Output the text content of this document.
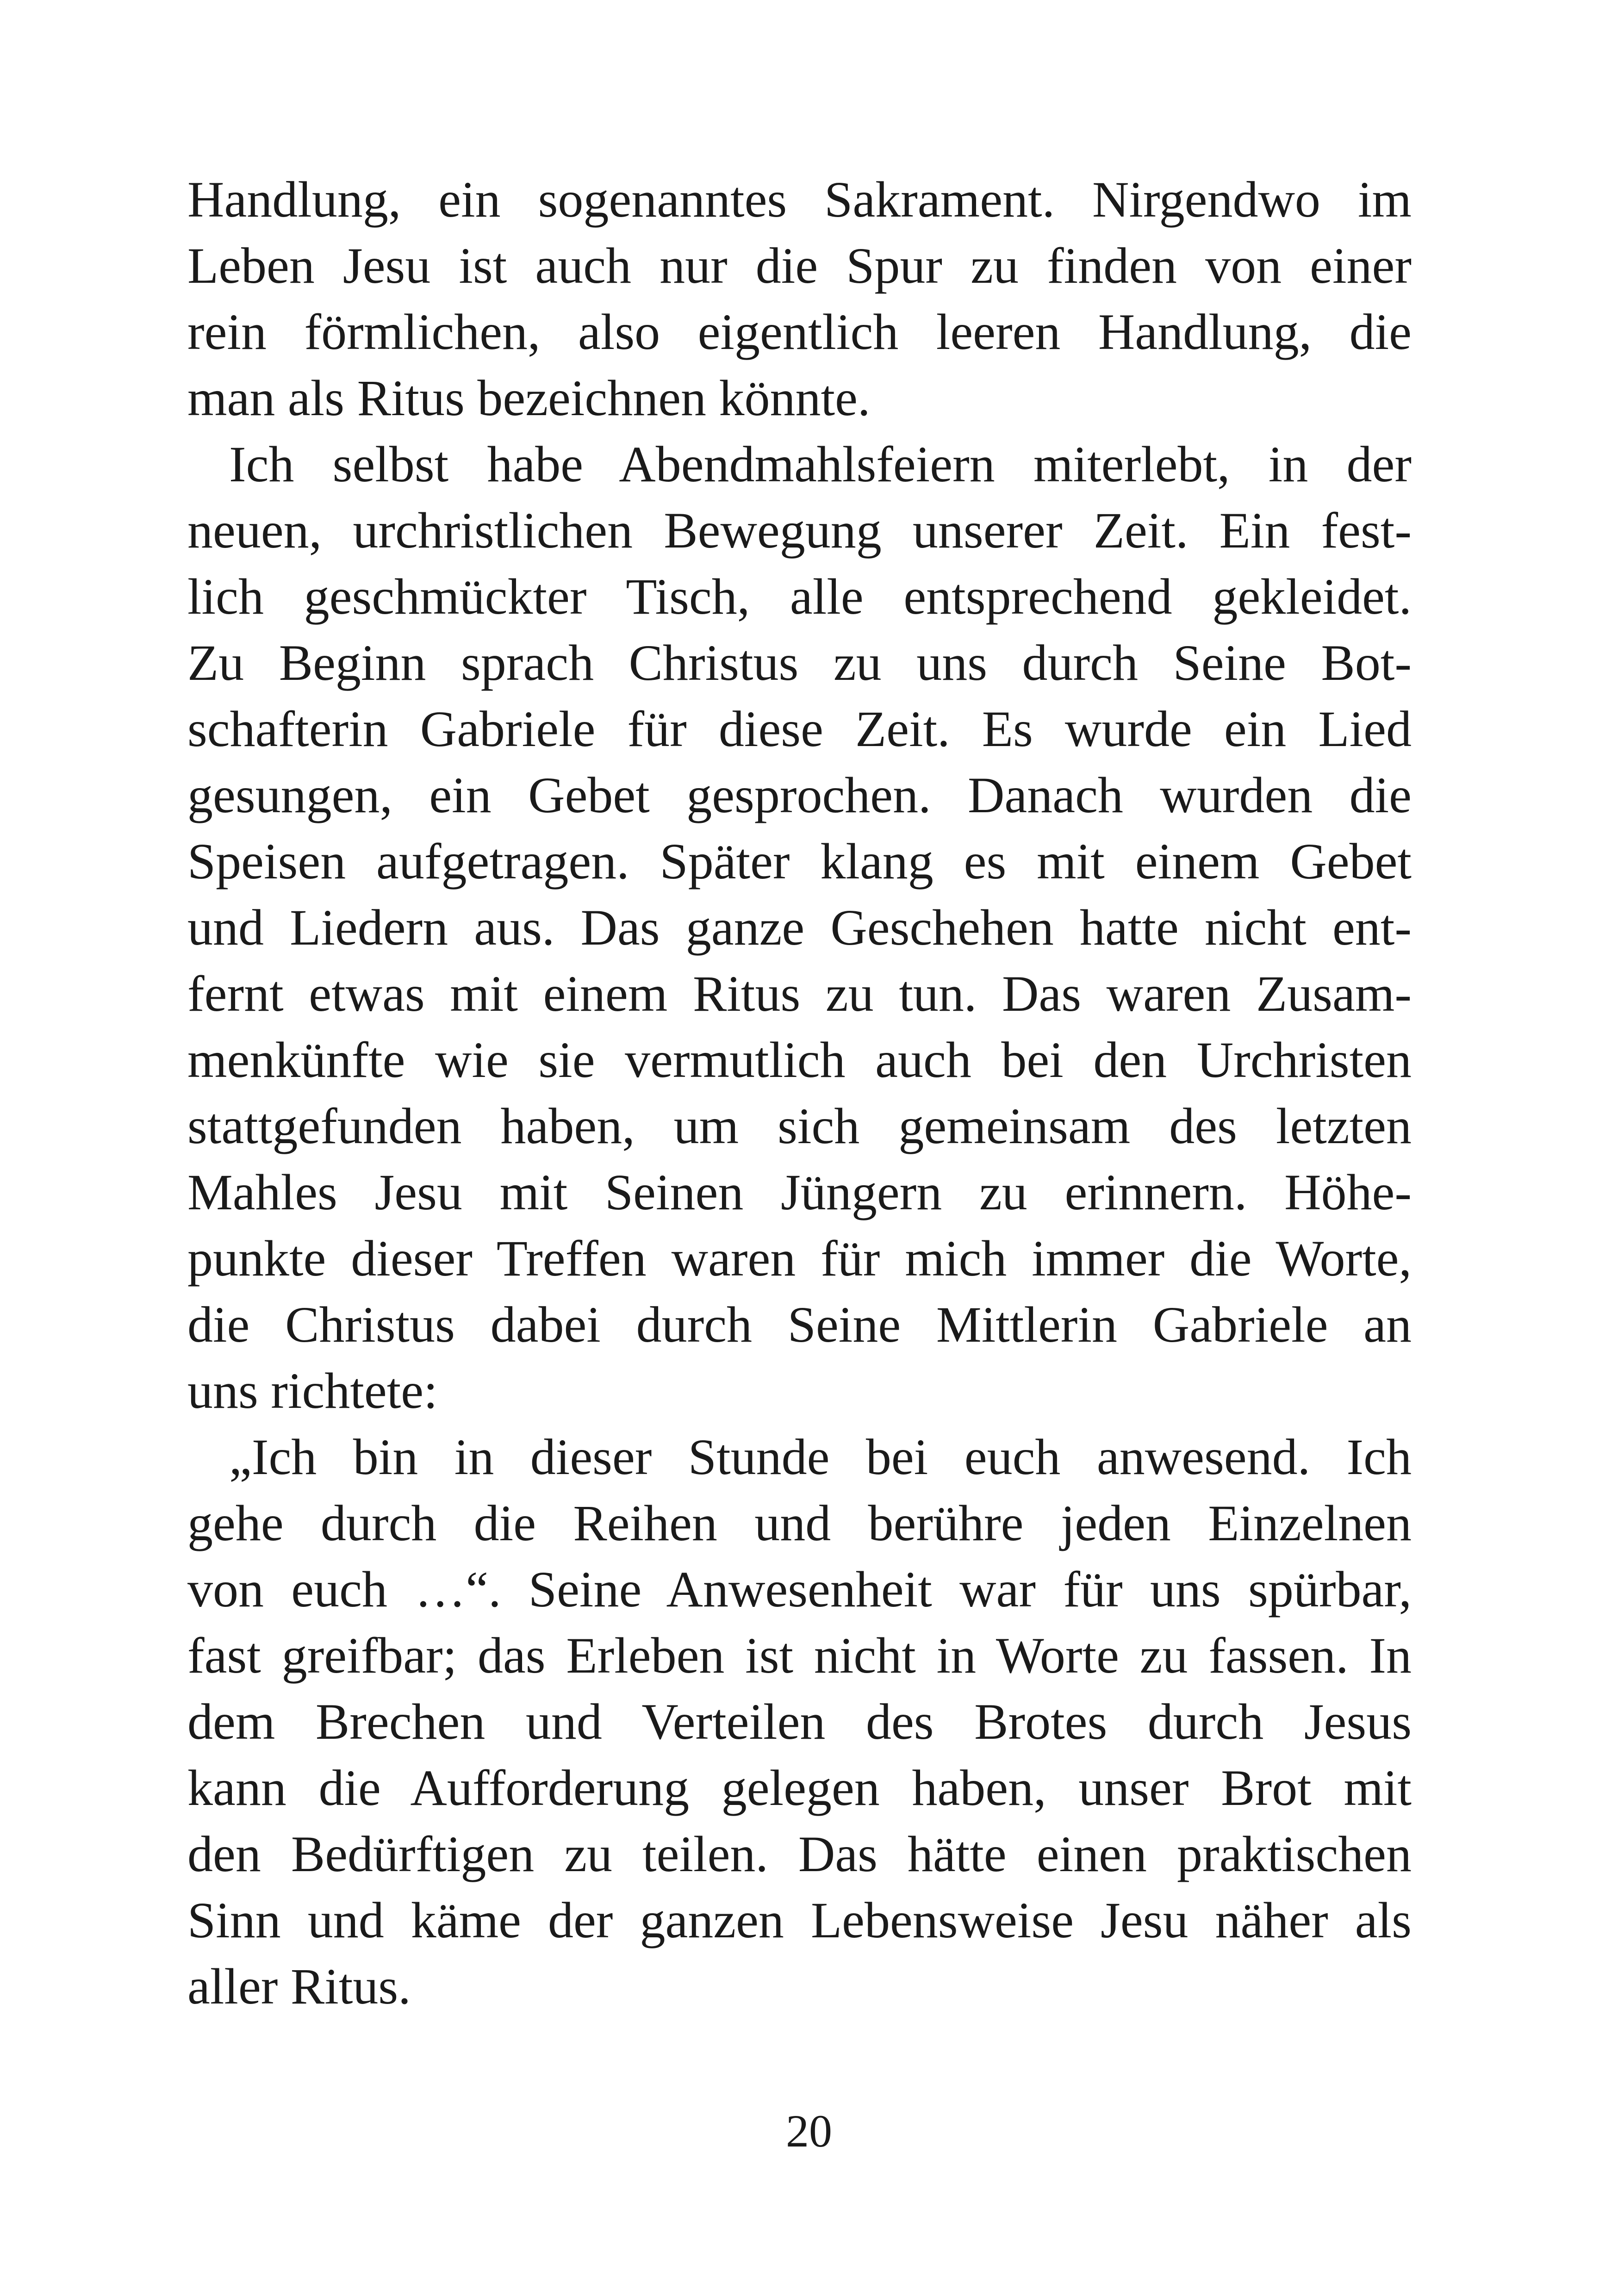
Handlung, ein sogenanntes Sakrament. Nirgendwo im
Leben Jesu ist auch nur die Spur zu finden von einer
rein förmlichen, also eigentlich leeren Handlung, die
man als Ritus bezeichnen könnte.
Ich selbst habe Abendmahlsfeiern miterlebt, in der
neuen, urchristlichen Bewegung unserer Zeit. Ein fest-
lich geschmückter Tisch, alle entsprechend gekleidet.
Zu Beginn sprach Christus zu uns durch Seine Bot-
schafterin Gabriele für diese Zeit. Es wurde ein Lied
gesungen, ein Gebet gesprochen. Danach wurden die
Speisen aufgetragen. Später klang es mit einem Gebet
und Liedern aus. Das ganze Geschehen hatte nicht ent-
fernt etwas mit einem Ritus zu tun. Das waren Zusam-
menkünfte wie sie vermutlich auch bei den Urchristen
stattgefunden haben, um sich gemeinsam des letzten
Mahles Jesu mit Seinen Jüngern zu erinnern. Höhe-
punkte dieser Treffen waren für mich immer die Worte,
die Christus dabei durch Seine Mittlerin Gabriele an
uns richtete:
„Ich bin in dieser Stunde bei euch anwesend. Ich
gehe durch die Reihen und berühre jeden Einzelnen
von euch …“. Seine Anwesenheit war für uns spürbar,
fast greifbar; das Erleben ist nicht in Worte zu fassen. In
dem Brechen und Verteilen des Brotes durch Jesus
kann die Aufforderung gelegen haben, unser Brot mit
den Bedürftigen zu teilen. Das hätte einen praktischen
Sinn und käme der ganzen Lebensweise Jesu näher als
aller Ritus.
20
